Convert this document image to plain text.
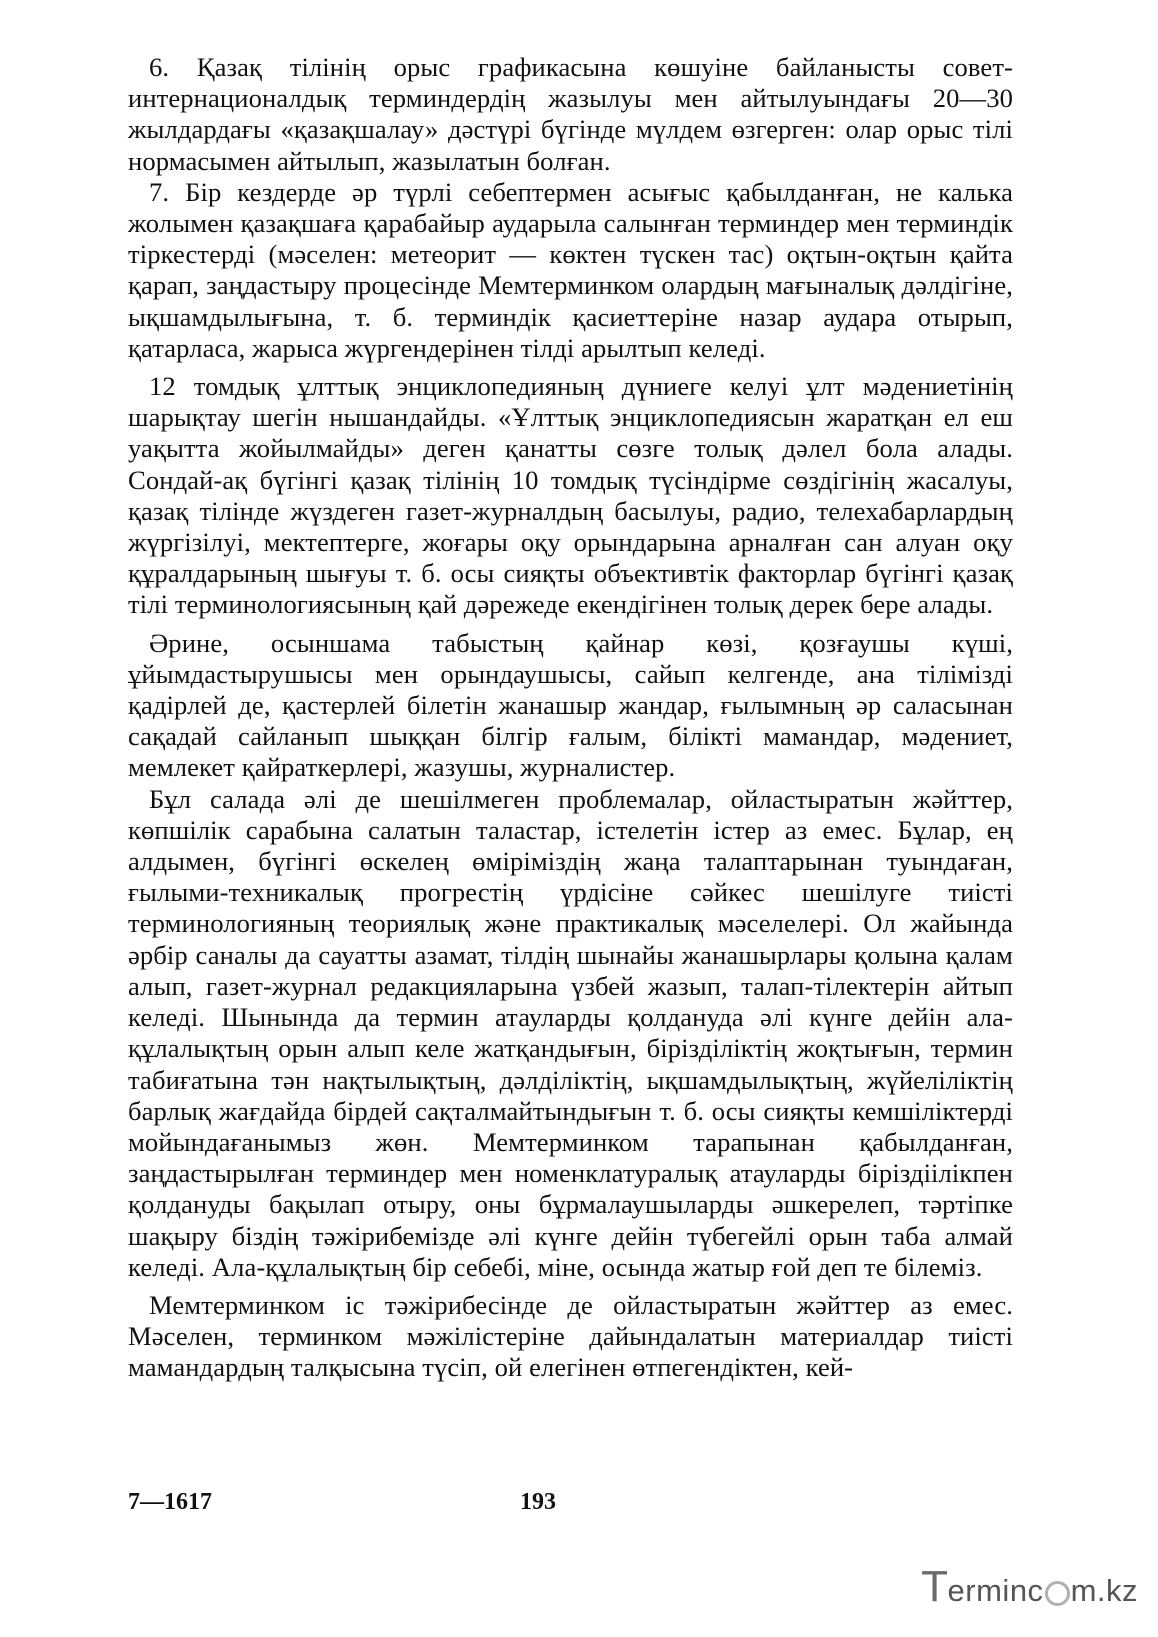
6. Қазақ тілінің орыс графикасына көшуіне байланысты совет-интернационалдық терминдердің жазылуы мен айтылуындағы 20—30 жылдардағы «қазақшалау» дәстүрі бүгінде мүлдем өзгерген: олар орыс тілі нормасымен айтылып, жазылатын болған.

7. Бір кездерде әр түрлі себептермен асығыс қабылданған, не калька жолымен қазақшаға қарабайыр аударыла салынған терминдер мен терминдік тіркестерді (мәселен: метеорит — көктен түскен тас) оқтын-оқтын қайта қарап, заңдастыру процесінде Мемтерминком олардың мағыналық дәлдігіне, ықшамдылығына, т. б. терминдік қасиеттеріне назар аудара отырып, қатарласа, жарыса жүргендерінен тілді арылтып келеді.

12 томдық ұлттық энциклопедияның дүниеге келуі ұлт мәдениетінің шарықтау шегін нышандайды. «Ұлттық энциклопедиясын жаратқан ел еш уақытта жойылмайды» деген қанатты сөзге толық дәлел бола алады. Сондай-ақ бүгінгі қазақ тілінің 10 томдық түсіндірме сөздігінің жасалуы, қазақ тілінде жүздеген газет-журналдың басылуы, радио, телехабарлардың жүргізілуі, мектептерге, жоғары оқу орындарына арналған сан алуан оқу құралдарының шығуы т. б. осы сияқты объективтік факторлар бүгінгі қазақ тілі терминологиясының қай дәрежеде екендігінен толық дерек бере алады.

Әрине, осыншама табыстың қайнар көзі, қозғаушы күші, ұйымдастырушысы мен орындаушысы, сайып келгенде, ана тілімізді қадірлей де, қастерлей білетін жанашыр жандар, ғылымның әр саласынан сақадай сайланып шыққан білгір ғалым, білікті мамандар, мәдениет, мемлекет қайраткерлері, жазушы, журналистер.

Бұл салада әлі де шешілмеген проблемалар, ойластыратын жәйттер, көпшілік сарабына салатын таластар, істелетін істер аз емес. Бұлар, ең алдымен, бүгінгі өскелең өміріміздің жаңа талаптарынан туындаған, ғылыми-техникалық прогрестің үрдісіне сәйкес шешілуге тиісті терминологияның теориялық және практикалық мәселелері. Ол жайында әрбір саналы да сауатты азамат, тілдің шынайы жанашырлары қолына қалам алып, газет-журнал редакцияларына үзбей жазып, талап-тілектерін айтып келеді. Шынында да термин атауларды қолдануда әлі күнге дейін ала-құлалықтың орын алып келе жатқандығын, бірізділіктің жоқтығын, термин табиғатына тән нақтылықтың, дәлділіктің, ықшамдылықтың, жүйеліліктің барлық жағдайда бірдей сақталмайтындығын т. б. осы сияқты кемшіліктерді мойындағанымыз жөн. Мемтерминком тарапынан қабылданған, заңдастырылған терминдер мен номенклатуралық атауларды біріздіілікпен қолдануды бақылап отыру, оны бұрмалаушыларды әшкерелеп, тәртіпке шақыру біздің тәжірибемізде әлі күнге дейін түбегейлі орын таба алмай келеді. Ала-құлалықтың бір себебі, міне, осында жатыр ғой деп те білеміз.

Мемтерминком іс тәжірибесінде де ойластыратын жәйттер аз емес. Мәселен, терминком мәжілістеріне дайындалатын материалдар тиісті мамандардың талқысына түсіп, ой елегінен өтпегендіктен, кей-

7—1617	193
T erminc m.kz
